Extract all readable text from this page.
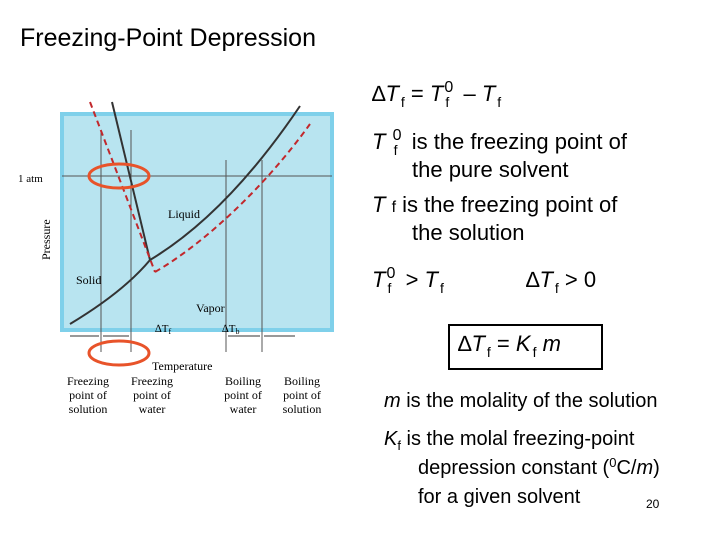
Freezing-Point Depression
1 atm
Pressure
Liquid
Solid
Vapor
∆Tf	∆Tb
Temperature
Freezing
point of
solution
Freezing
point of
water
Boiling
point of
water
Boiling
point of
solution
∆T $_f$ = T 0
f – T $_f$
T 0
f is the freezing point of
the pure solvent
T f is the freezing point of
the solution
T 0
f > T $_f$	∆T $_f$ > 0
∆T $_f$ = K $_f$ m
m is the molality of the solution
$K_f$ is the molal freezing-point
depression constant ($^0$C/m)
for a given solvent	20
